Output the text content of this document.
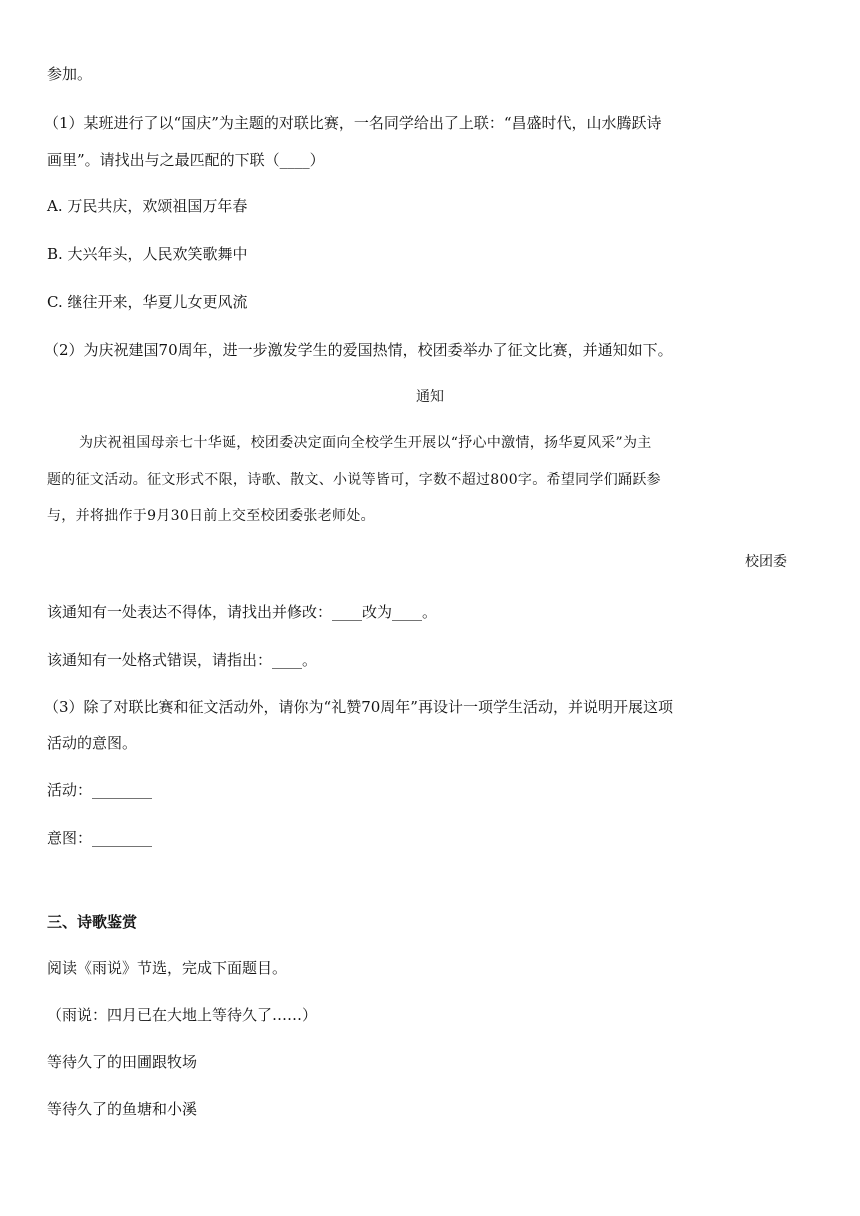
参加。
（1）某班进行了以“国庆”为主题的对联比赛，一名同学给出了上联：“昌盛时代，山水腾跃诗
画里”。请找出与之最匹配的下联（____）
A. 万民共庆，欢颂祖国万年春
B. 大兴年头，人民欢笑歌舞中
C. 继往开来，华夏儿女更风流
（2）为庆祝建国70周年，进一步激发学生的爱国热情，校团委举办了征文比赛，并通知如下。
通知
为庆祝祖国母亲七十华诞，校团委决定面向全校学生开展以“抒心中激情，扬华夏风采”为主
题的征文活动。征文形式不限，诗歌、散文、小说等皆可，字数不超过800字。希望同学们踊跃参
与，并将拙作于9月30日前上交至校团委张老师处。
校团委
该通知有一处表达不得体，请找出并修改：____改为____。
该通知有一处格式错误，请指出：____。
（3）除了对联比赛和征文活动外，请你为“礼赞70周年”再设计一项学生活动，并说明开展这项
活动的意图。
活动：________
意图：________
三、诗歌鉴赏
阅读《雨说》节选，完成下面题目。
（雨说：四月已在大地上等待久了……）
等待久了的田圃跟牧场
等待久了的鱼塘和小溪
